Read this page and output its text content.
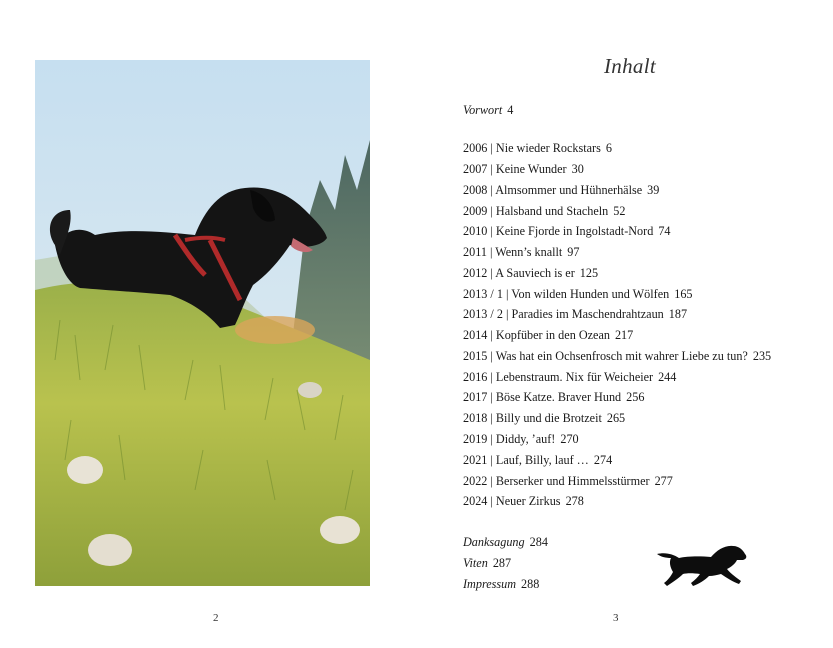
2
Inhalt
Vorwort 4
2006 | Nie wieder Rockstars 6
2007 | Keine Wunder 30
2008 | Almsommer und Hühnerhälse 39
2009 | Halsband und Stacheln 52
2010 | Keine Fjorde in Ingolstadt-Nord 74
2011 | Wenn’s knallt 97
2012 | A Sauviech is er 125
2013 / 1 | Von wilden Hunden und Wölfen 165
2013 / 2 | Paradies im Maschendrahtzaun 187
2014 | Kopfüber in den Ozean 217
2015 | Was hat ein Ochsenfrosch mit wahrer Liebe zu tun? 235
2016 | Lebenstraum. Nix für Weicheier 244
2017 | Böse Katze. Braver Hund 256
2018 | Billy und die Brotzeit 265
2019 | Diddy, ’auf! 270
2021 | Lauf, Billy, lauf … 274
2022 | Berserker und Himmelsstürmer 277
2024 | Neuer Zirkus 278
Danksagung 284
Viten 287
Impressum 288
3
